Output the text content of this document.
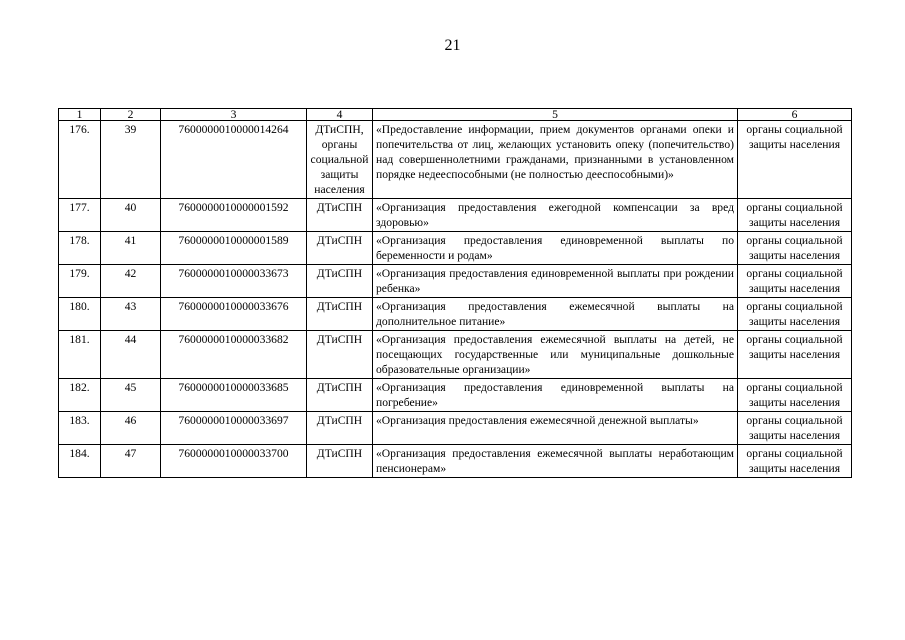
21
1	2	3	4	5	6
176.	39	7600000010000014264	ДТиСПН, органы социальной защиты населения	«Предоставление информации, прием документов органами опеки и попечительства от лиц, желающих установить опеку (попечительство) над совершеннолетними гражданами, признанными в установленном порядке недееспособными (не полностью дееспособными)»	органы социальной защиты населения
177.	40	7600000010000001592	ДТиСПН	«Организация предоставления ежегодной компенсации за вред здоровью»	органы социальной защиты населения
178.	41	7600000010000001589	ДТиСПН	«Организация предоставления единовременной выплаты по беременности и родам»	органы социальной защиты населения
179.	42	7600000010000033673	ДТиСПН	«Организация предоставления единовременной выплаты при рождении ребенка»	органы социальной защиты населения
180.	43	7600000010000033676	ДТиСПН	«Организация предоставления ежемесячной выплаты на дополнительное питание»	органы социальной защиты населения
181.	44	7600000010000033682	ДТиСПН	«Организация предоставления ежемесячной выплаты на детей, не посещающих государственные или муниципальные дошкольные образовательные организации»	органы социальной защиты населения
182.	45	7600000010000033685	ДТиСПН	«Организация предоставления единовременной выплаты на погребение»	органы социальной защиты населения
183.	46	7600000010000033697	ДТиСПН	«Организация предоставления ежемесячной денежной выплаты»	органы социальной защиты населения
184.	47	7600000010000033700	ДТиСПН	«Организация предоставления ежемесячной выплаты неработающим пенсионерам»	органы социальной защиты населения
